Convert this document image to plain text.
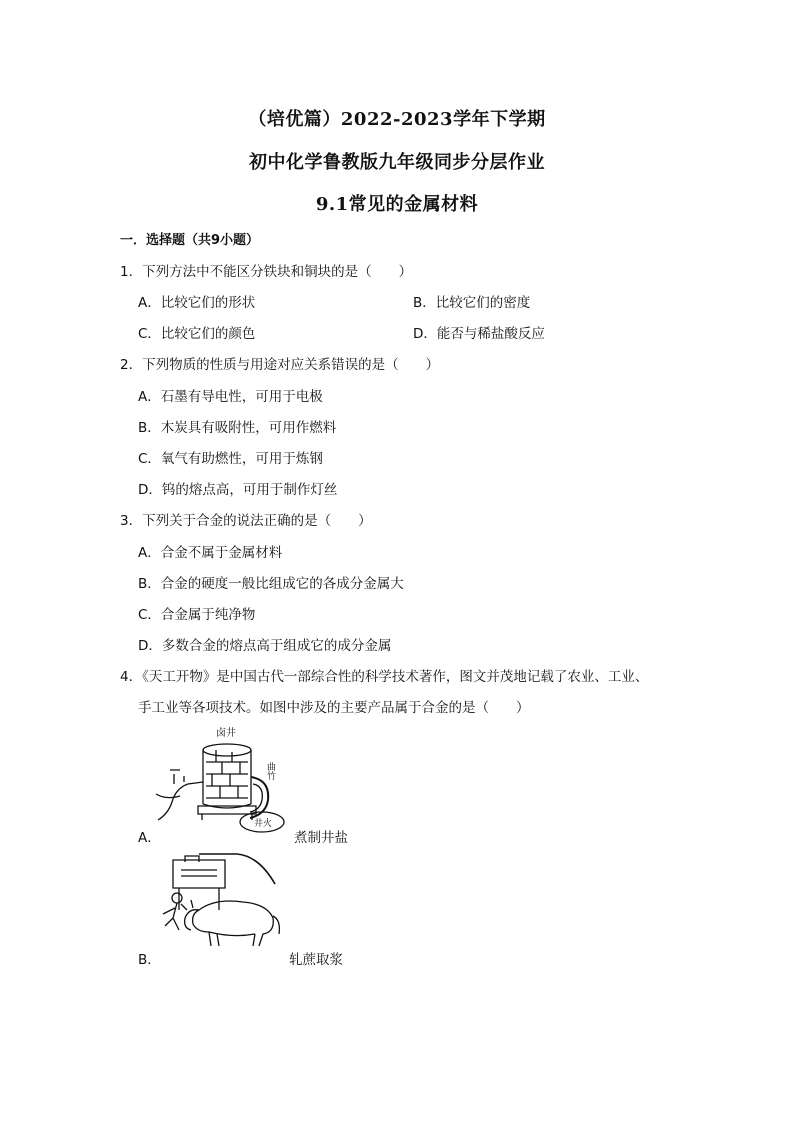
（培优篇）2022-2023学年下学期
初中化学鲁教版九年级同步分层作业
9.1常见的金属材料
一．选择题（共9小题）
1．下列方法中不能区分铁块和铜块的是（　　）
A．比较它们的形状	B．比较它们的密度
C．比较它们的颜色	D．能否与稀盐酸反应
2．下列物质的性质与用途对应关系错误的是（　　）
A．石墨有导电性，可用于电极
B．木炭具有吸附性，可用作燃料
C．氧气有助燃性，可用于炼钢
D．钨的熔点高，可用于制作灯丝
3．下列关于合金的说法正确的是（　　）
A．合金不属于金属材料
B．合金的硬度一般比组成它的各成分金属大
C．合金属于纯净物
D．多数合金的熔点高于组成它的成分金属
4．《天工开物》是中国古代一部综合性的科学技术著作，图文并茂地记载了农业、工业、
手工业等各项技术。如图中涉及的主要产品属于合金的是（　　）
卤井
曲竹
井火
A．	煮制井盐
B．	轧蔗取浆
